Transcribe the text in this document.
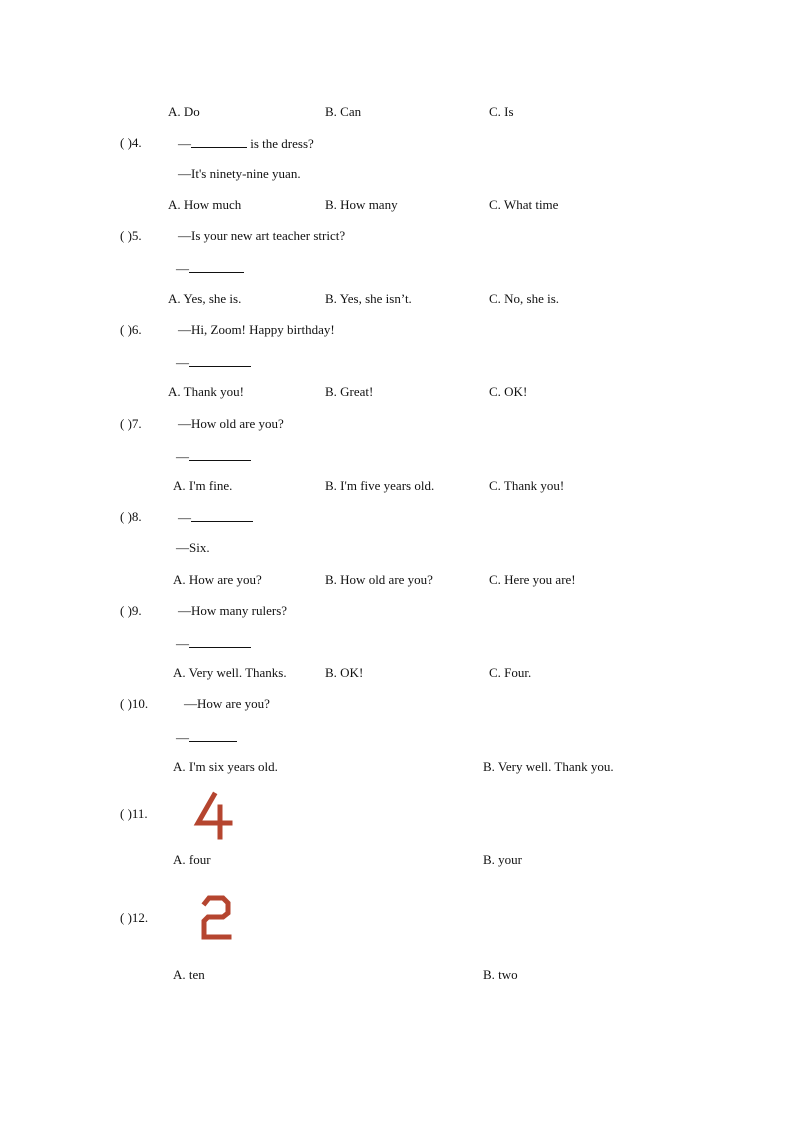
A. Do	B. Can	C. Is
( )4.	—	is the dress?
—It's ninety-nine yuan.
A. How much	B. How many	C. What time
( )5.	—Is your new art teacher strict?
—
A. Yes, she is.	B. Yes, she isn’t.	C. No, she is.
( )6.	—Hi, Zoom! Happy birthday!
—
A. Thank you!	B. Great!	C. OK!
( )7.	—How old are you?
—
A. I'm fine.	B. I'm five years old.	C. Thank you!
( )8.	—
—Six.
A. How are you?	B. How old are you?	C. Here you are!
( )9.	—How many rulers?
—
A. Very well. Thanks.	B. OK!	C. Four.
( )10.	—How are you?
—
A. I'm six years old.	B. Very well. Thank you.
( )11.
A. four	B. your
( )12.
A. ten	B. two
